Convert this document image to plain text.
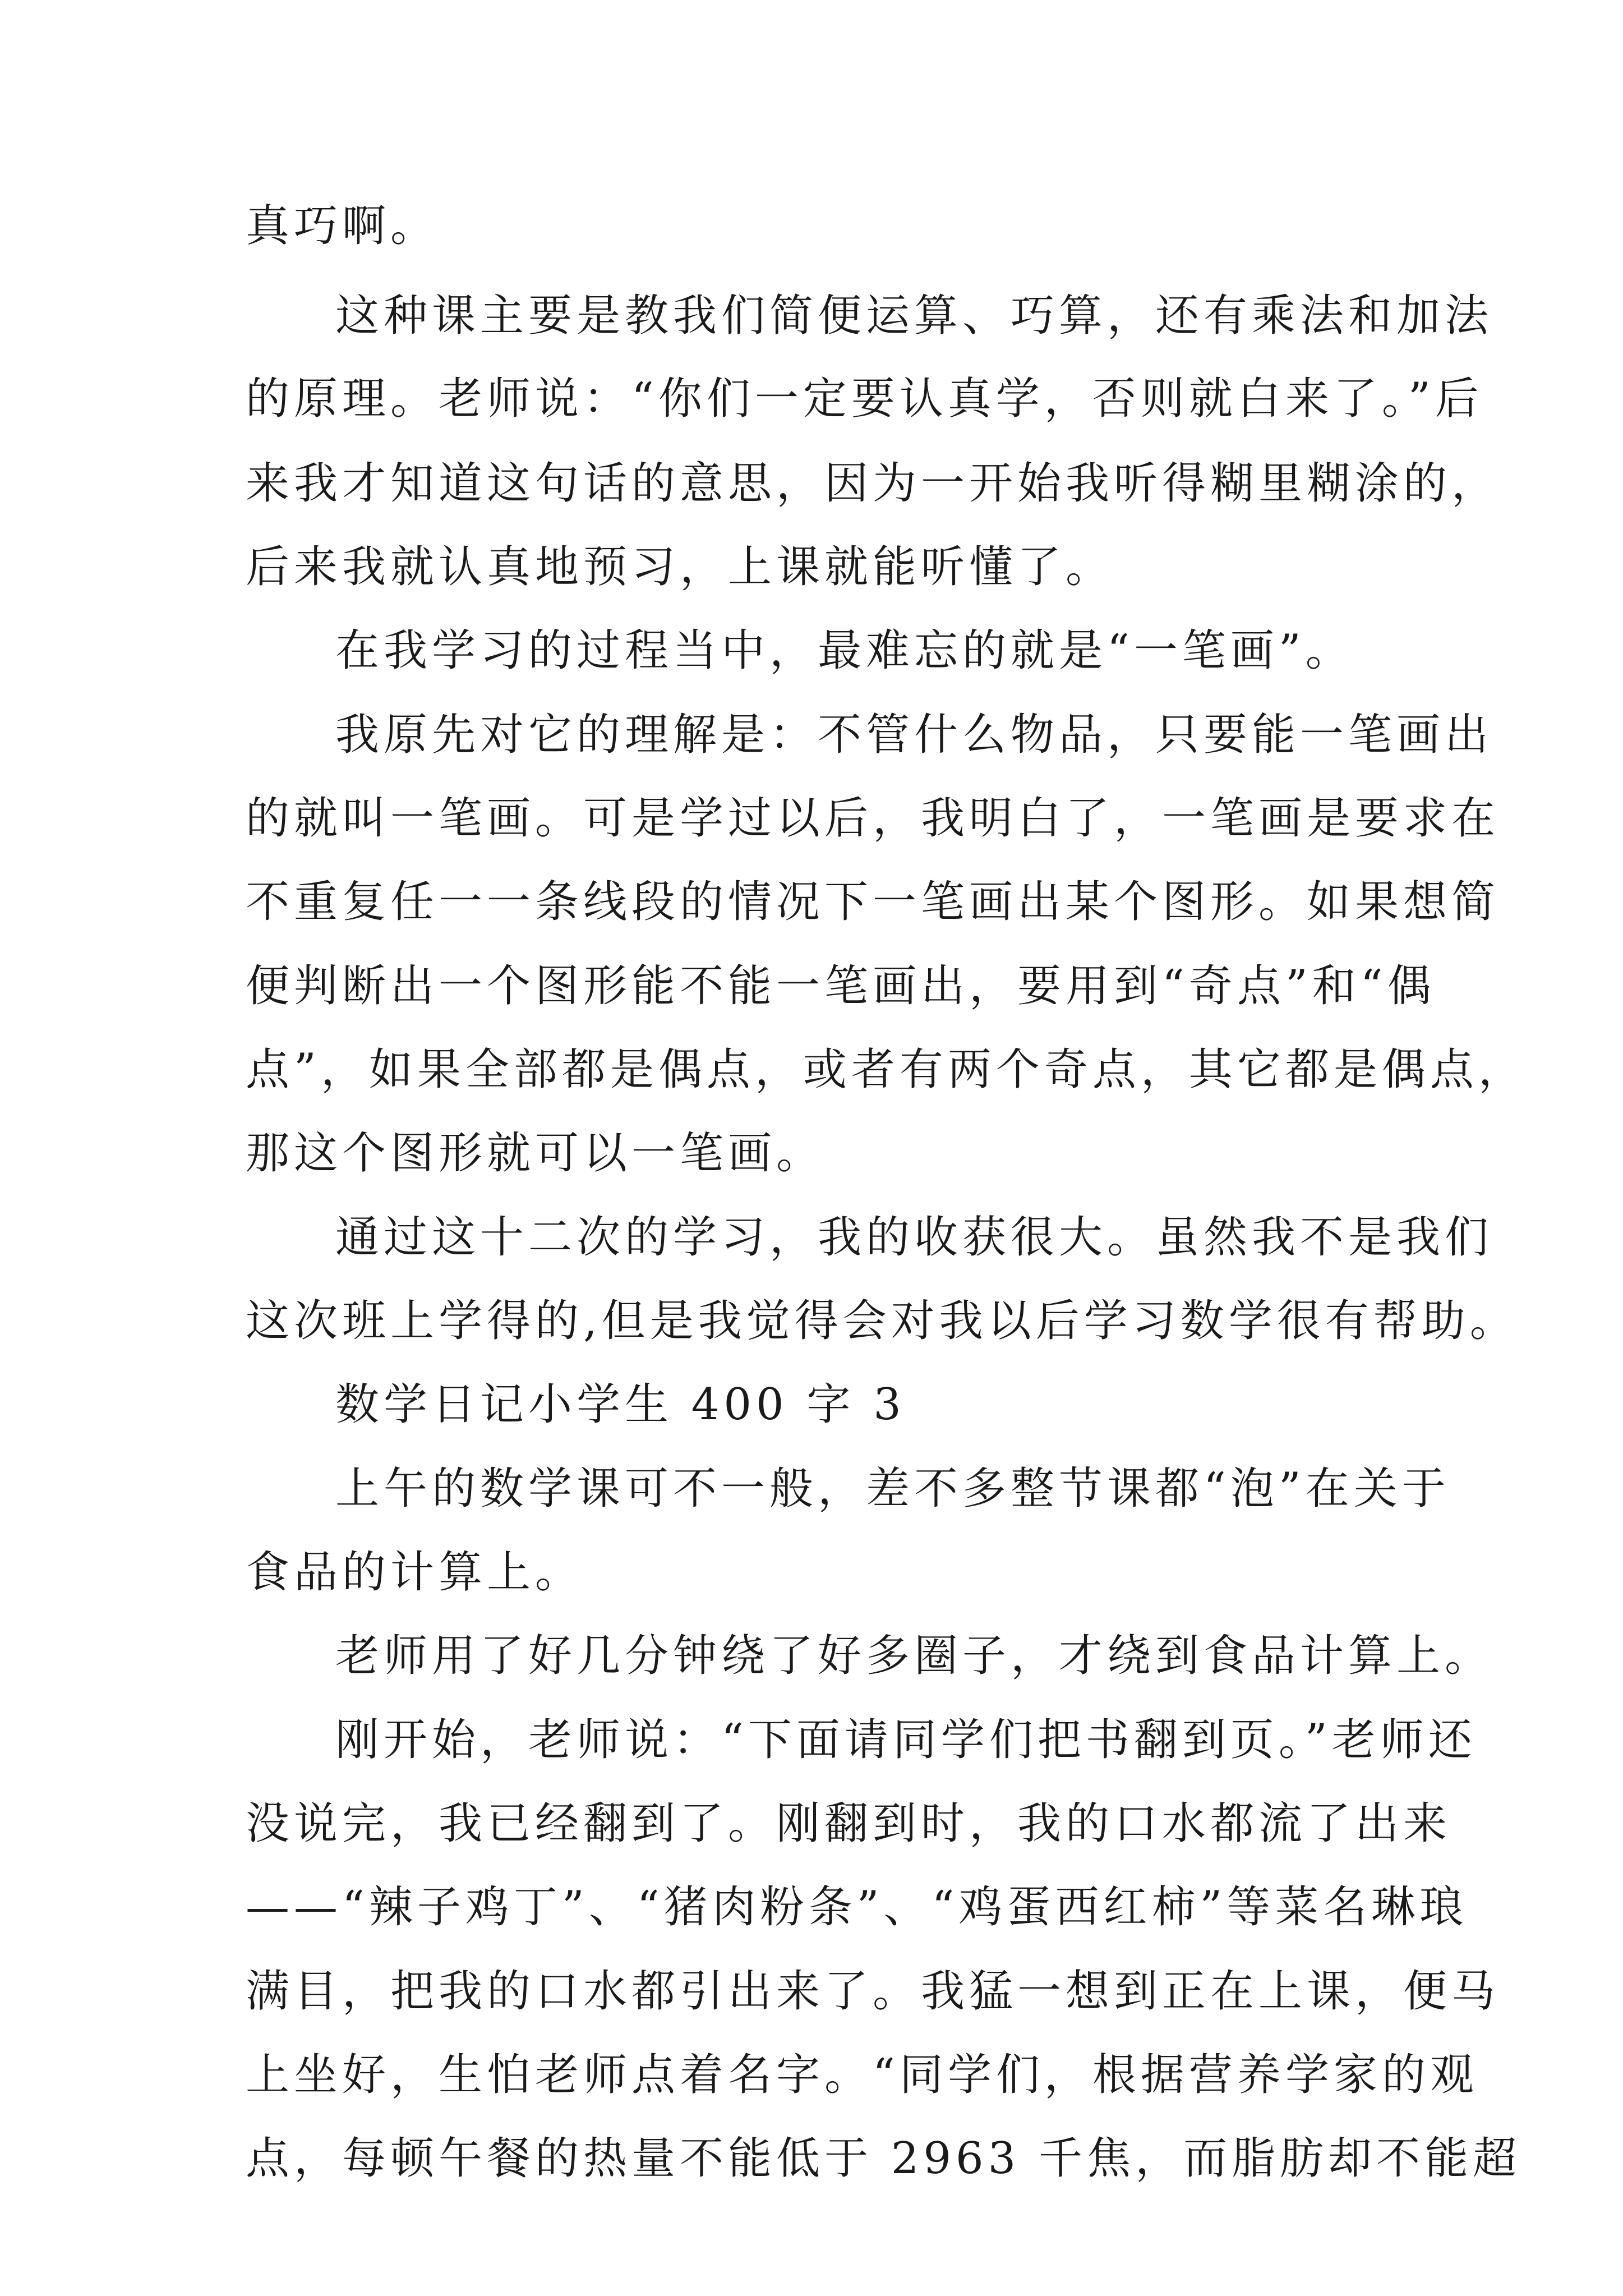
真巧啊。
这种课主要是教我们简便运算、巧算，还有乘法和加法
的原理。老师说：“你们一定要认真学，否则就白来了。”后
来我才知道这句话的意思，因为一开始我听得糊里糊涂的，
后来我就认真地预习，上课就能听懂了。
在我学习的过程当中，最难忘的就是“一笔画”。
我原先对它的理解是：不管什么物品，只要能一笔画出
的就叫一笔画。可是学过以后，我明白了，一笔画是要求在
不重复任一一条线段的情况下一笔画出某个图形。如果想简
便判断出一个图形能不能一笔画出，要用到“奇点”和“偶
点”，如果全部都是偶点，或者有两个奇点，其它都是偶点，
那这个图形就可以一笔画。
通过这十二次的学习，我的收获很大。虽然我不是我们
这次班上学得的,但是我觉得会对我以后学习数学很有帮助。
数学日记小学生 400 字 3
上午的数学课可不一般，差不多整节课都“泡”在关于
食品的计算上。
老师用了好几分钟绕了好多圈子，才绕到食品计算上。
刚开始，老师说：“下面请同学们把书翻到页。”老师还
没说完，我已经翻到了。刚翻到时，我的口水都流了出来
——“辣子鸡丁”、“猪肉粉条”、“鸡蛋西红柿”等菜名琳琅
满目，把我的口水都引出来了。我猛一想到正在上课，便马
上坐好，生怕老师点着名字。“同学们，根据营养学家的观
点，每顿午餐的热量不能低于 2963 千焦，而脂肪却不能超
